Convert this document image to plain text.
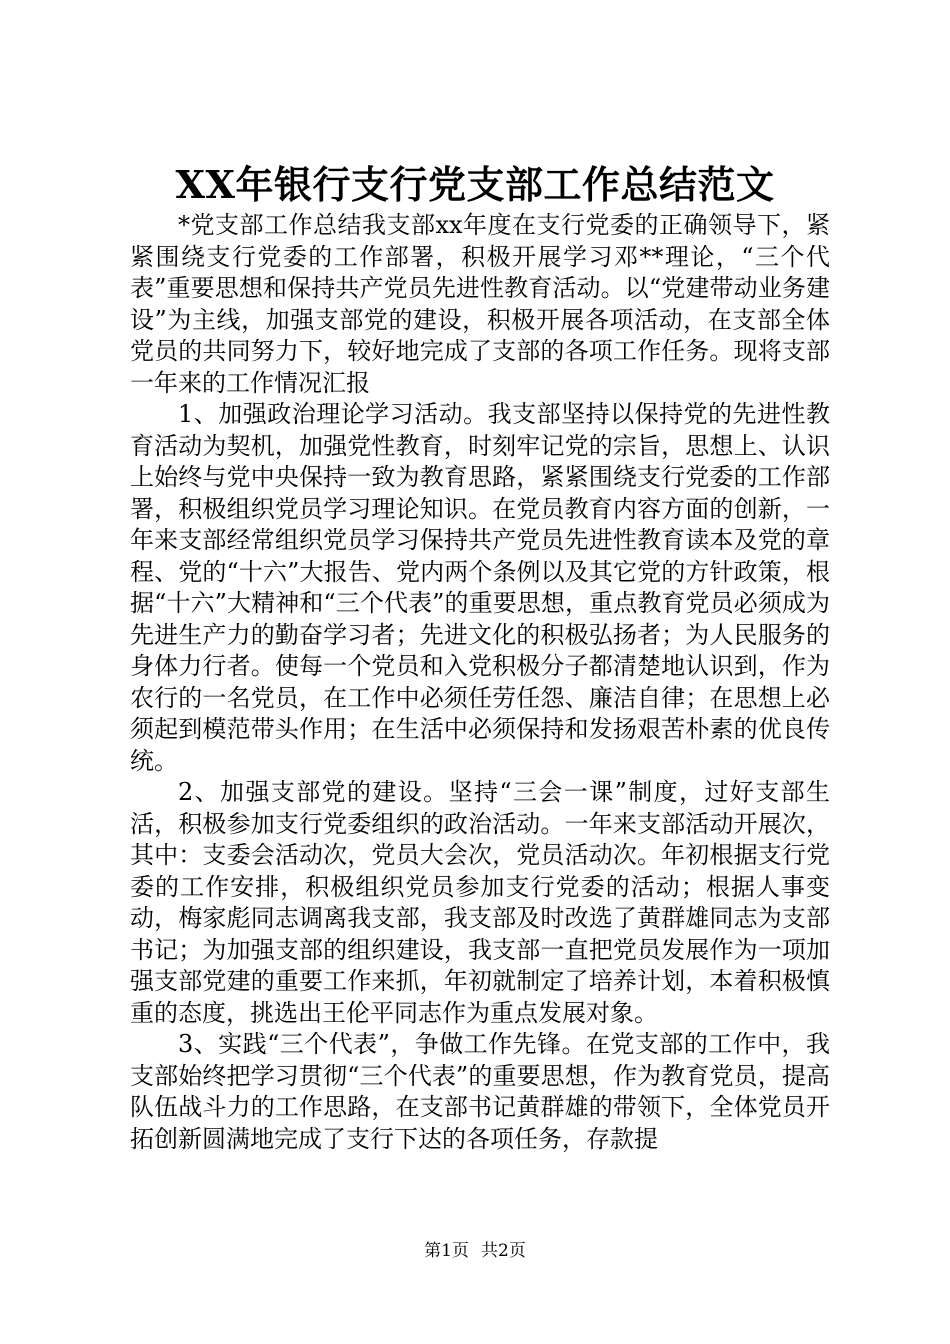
XX年银行支行党支部工作总结范文

*党支部工作总结我支部xx年度在支行党委的正确领导下，紧紧围绕支行党委的工作部署，积极开展学习邓**理论，“三个代表”重要思想和保持共产党员先进性教育活动。以“党建带动业务建设”为主线，加强支部党的建设，积极开展各项活动，在支部全体党员的共同努力下，较好地完成了支部的各项工作任务。现将支部一年来的工作情况汇报

1、加强政治理论学习活动。我支部坚持以保持党的先进性教育活动为契机，加强党性教育，时刻牢记党的宗旨，思想上、认识上始终与党中央保持一致为教育思路，紧紧围绕支行党委的工作部署，积极组织党员学习理论知识。在党员教育内容方面的创新，一年来支部经常组织党员学习保持共产党员先进性教育读本及党的章程、党的“十六”大报告、党内两个条例以及其它党的方针政策，根据“十六”大精神和“三个代表”的重要思想，重点教育党员必须成为先进生产力的勤奋学习者；先进文化的积极弘扬者；为人民服务的身体力行者。使每一个党员和入党积极分子都清楚地认识到，作为农行的一名党员，在工作中必须任劳任怨、廉洁自律；在思想上必须起到模范带头作用；在生活中必须保持和发扬艰苦朴素的优良传统。

2、加强支部党的建设。坚持“三会一课”制度，过好支部生活，积极参加支行党委组织的政治活动。一年来支部活动开展次，其中：支委会活动次，党员大会次，党员活动次。年初根据支行党委的工作安排，积极组织党员参加支行党委的活动；根据人事变动，梅家彪同志调离我支部，我支部及时改选了黄群雄同志为支部书记；为加强支部的组织建设，我支部一直把党员发展作为一项加强支部党建的重要工作来抓，年初就制定了培养计划，本着积极慎重的态度，挑选出王伦平同志作为重点发展对象。

3、实践“三个代表”，争做工作先锋。在党支部的工作中，我支部始终把学习贯彻“三个代表”的重要思想，作为教育党员，提高队伍战斗力的工作思路，在支部书记黄群雄的带领下，全体党员开拓创新圆满地完成了支行下达的各项任务，存款提

第1页 共2页
